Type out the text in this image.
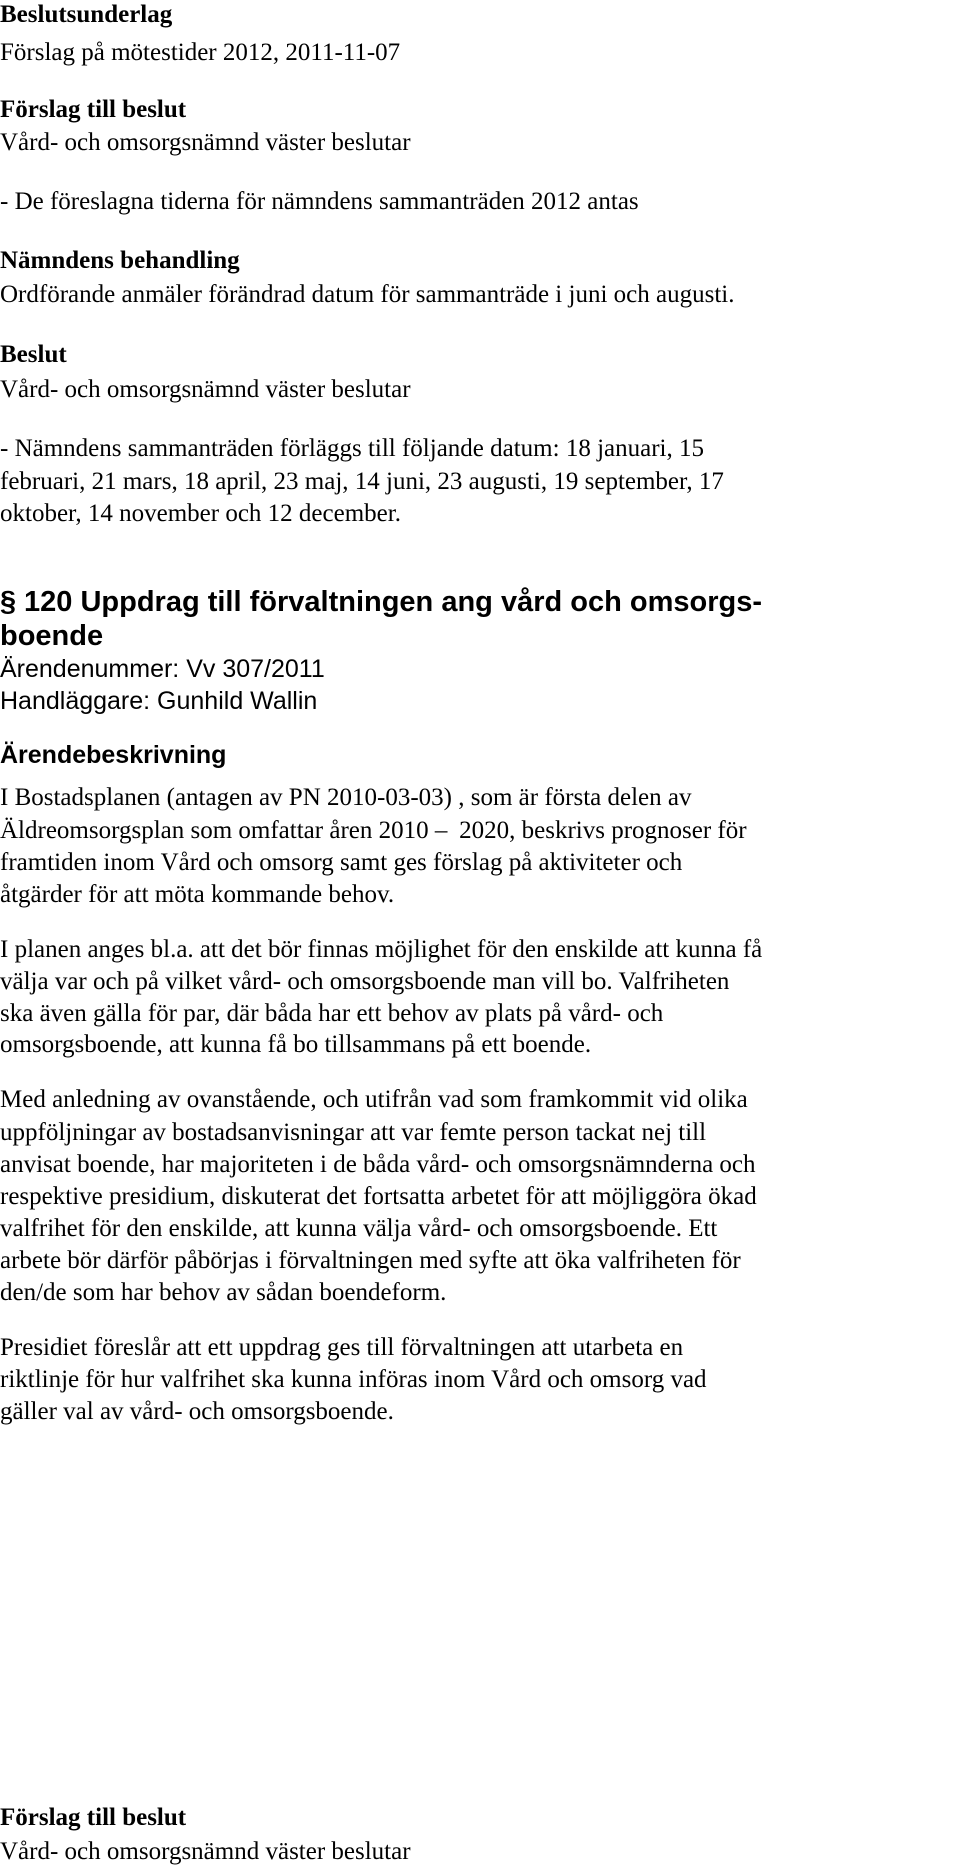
Beslutsunderlag
Förslag på mötestider 2012, 2011-11-07
Förslag till beslut
Vård- och omsorgsnämnd väster beslutar
- De föreslagna tiderna för nämndens sammanträden 2012 antas
Nämndens behandling
Ordförande anmäler förändrad datum för sammanträde i juni och augusti.
Beslut
Vård- och omsorgsnämnd väster beslutar
- Nämndens sammanträden förläggs till följande datum: 18 januari, 15
februari, 21 mars, 18 april, 23 maj, 14 juni, 23 augusti, 19 september, 17
oktober, 14 november och 12 december.
§ 120 Uppdrag till förvaltningen ang vård och omsorgs-
boende
Ärendenummer: Vv 307/2011
Handläggare: Gunhild Wallin
Ärendebeskrivning
I Bostadsplanen (antagen av PN 2010-03-03) , som är första delen av
Äldreomsorgsplan som omfattar åren 2010 – 2020, beskrivs prognoser för
framtiden inom Vård och omsorg samt ges förslag på aktiviteter och
åtgärder för att möta kommande behov.
I planen anges bl.a. att det bör finnas möjlighet för den enskilde att kunna få
välja var och på vilket vård- och omsorgsboende man vill bo. Valfriheten
ska även gälla för par, där båda har ett behov av plats på vård- och
omsorgsboende, att kunna få bo tillsammans på ett boende.
Med anledning av ovanstående, och utifrån vad som framkommit vid olika
uppföljningar av bostadsanvisningar att var femte person tackat nej till
anvisat boende, har majoriteten i de båda vård- och omsorgsnämnderna och
respektive presidium, diskuterat det fortsatta arbetet för att möjliggöra ökad
valfrihet för den enskilde, att kunna välja vård- och omsorgsboende. Ett
arbete bör därför påbörjas i förvaltningen med syfte att öka valfriheten för
den/de som har behov av sådan boendeform.
Presidiet föreslår att ett uppdrag ges till förvaltningen att utarbeta en
riktlinje för hur valfrihet ska kunna införas inom Vård och omsorg vad
gäller val av vård- och omsorgsboende.
Förslag till beslut
Vård- och omsorgsnämnd väster beslutar
